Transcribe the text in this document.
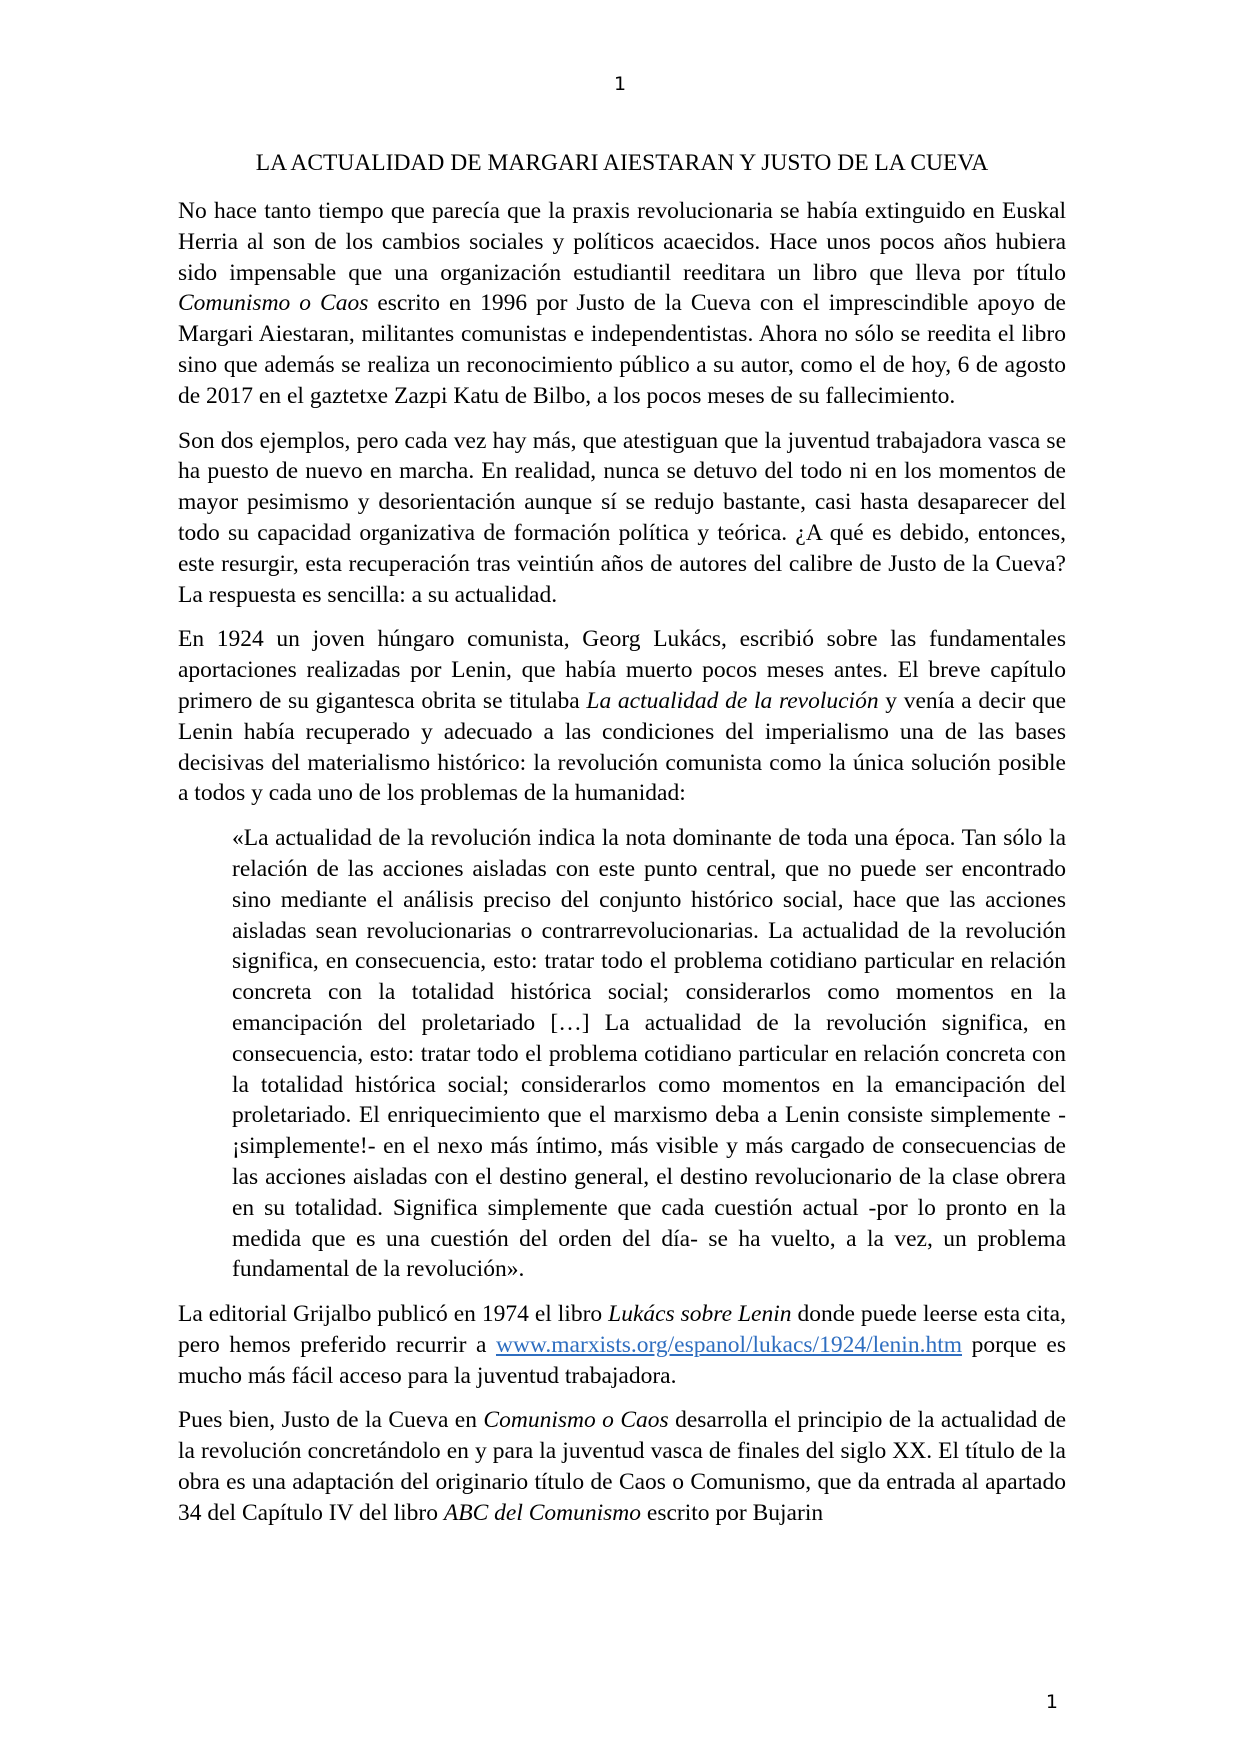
1
LA ACTUALIDAD DE MARGARI AIESTARAN Y JUSTO DE LA CUEVA

No hace tanto tiempo que parecía que la praxis revolucionaria se había extinguido en Euskal Herria al son de los cambios sociales y políticos acaecidos. Hace unos pocos años hubiera sido impensable que una organización estudiantil reeditara un libro que lleva por título Comunismo o Caos escrito en 1996 por Justo de la Cueva con el imprescindible apoyo de Margari Aiestaran, militantes comunistas e independentistas. Ahora no sólo se reedita el libro sino que además se realiza un reconocimiento público a su autor, como el de hoy, 6 de agosto de 2017 en el gaztetxe Zazpi Katu de Bilbo, a los pocos meses de su fallecimiento.

Son dos ejemplos, pero cada vez hay más, que atestiguan que la juventud trabajadora vasca se ha puesto de nuevo en marcha. En realidad, nunca se detuvo del todo ni en los momentos de mayor pesimismo y desorientación aunque sí se redujo bastante, casi hasta desaparecer del todo su capacidad organizativa de formación política y teórica. ¿A qué es debido, entonces, este resurgir, esta recuperación tras veintiún años de autores del calibre de Justo de la Cueva? La respuesta es sencilla: a su actualidad.

En 1924 un joven húngaro comunista, Georg Lukács, escribió sobre las fundamentales aportaciones realizadas por Lenin, que había muerto pocos meses antes. El breve capítulo primero de su gigantesca obrita se titulaba La actualidad de la revolución y venía a decir que Lenin había recuperado y adecuado a las condiciones del imperialismo una de las bases decisivas del materialismo histórico: la revolución comunista como la única solución posible a todos y cada uno de los problemas de la humanidad:

«La actualidad de la revolución indica la nota dominante de toda una época. Tan sólo la relación de las acciones aisladas con este punto central, que no puede ser encontrado sino mediante el análisis preciso del conjunto histórico social, hace que las acciones aisladas sean revolucionarias o contrarrevolucionarias. La actualidad de la revolución significa, en consecuencia, esto: tratar todo el problema cotidiano particular en relación concreta con la totalidad histórica social; considerarlos como momentos en la emancipación del proletariado […] La actualidad de la revolución significa, en consecuencia, esto: tratar todo el problema cotidiano particular en relación concreta con la totalidad histórica social; considerarlos como momentos en la emancipación del proletariado. El enriquecimiento que el marxismo deba a Lenin consiste simplemente -¡simplemente!- en el nexo más íntimo, más visible y más cargado de consecuencias de las acciones aisladas con el destino general, el destino revolucionario de la clase obrera en su totalidad. Significa simplemente que cada cuestión actual -por lo pronto en la medida que es una cuestión del orden del día- se ha vuelto, a la vez, un problema fundamental de la revolución».

La editorial Grijalbo publicó en 1974 el libro Lukács sobre Lenin donde puede leerse esta cita, pero hemos preferido recurrir a www.marxists.org/espanol/lukacs/1924/lenin.htm porque es mucho más fácil acceso para la juventud trabajadora.

Pues bien, Justo de la Cueva en Comunismo o Caos desarrolla el principio de la actualidad de la revolución concretándolo en y para la juventud vasca de finales del siglo XX. El título de la obra es una adaptación del originario título de Caos o Comunismo, que da entrada al apartado 34 del Capítulo IV del libro ABC del Comunismo escrito por Bujarin

1
